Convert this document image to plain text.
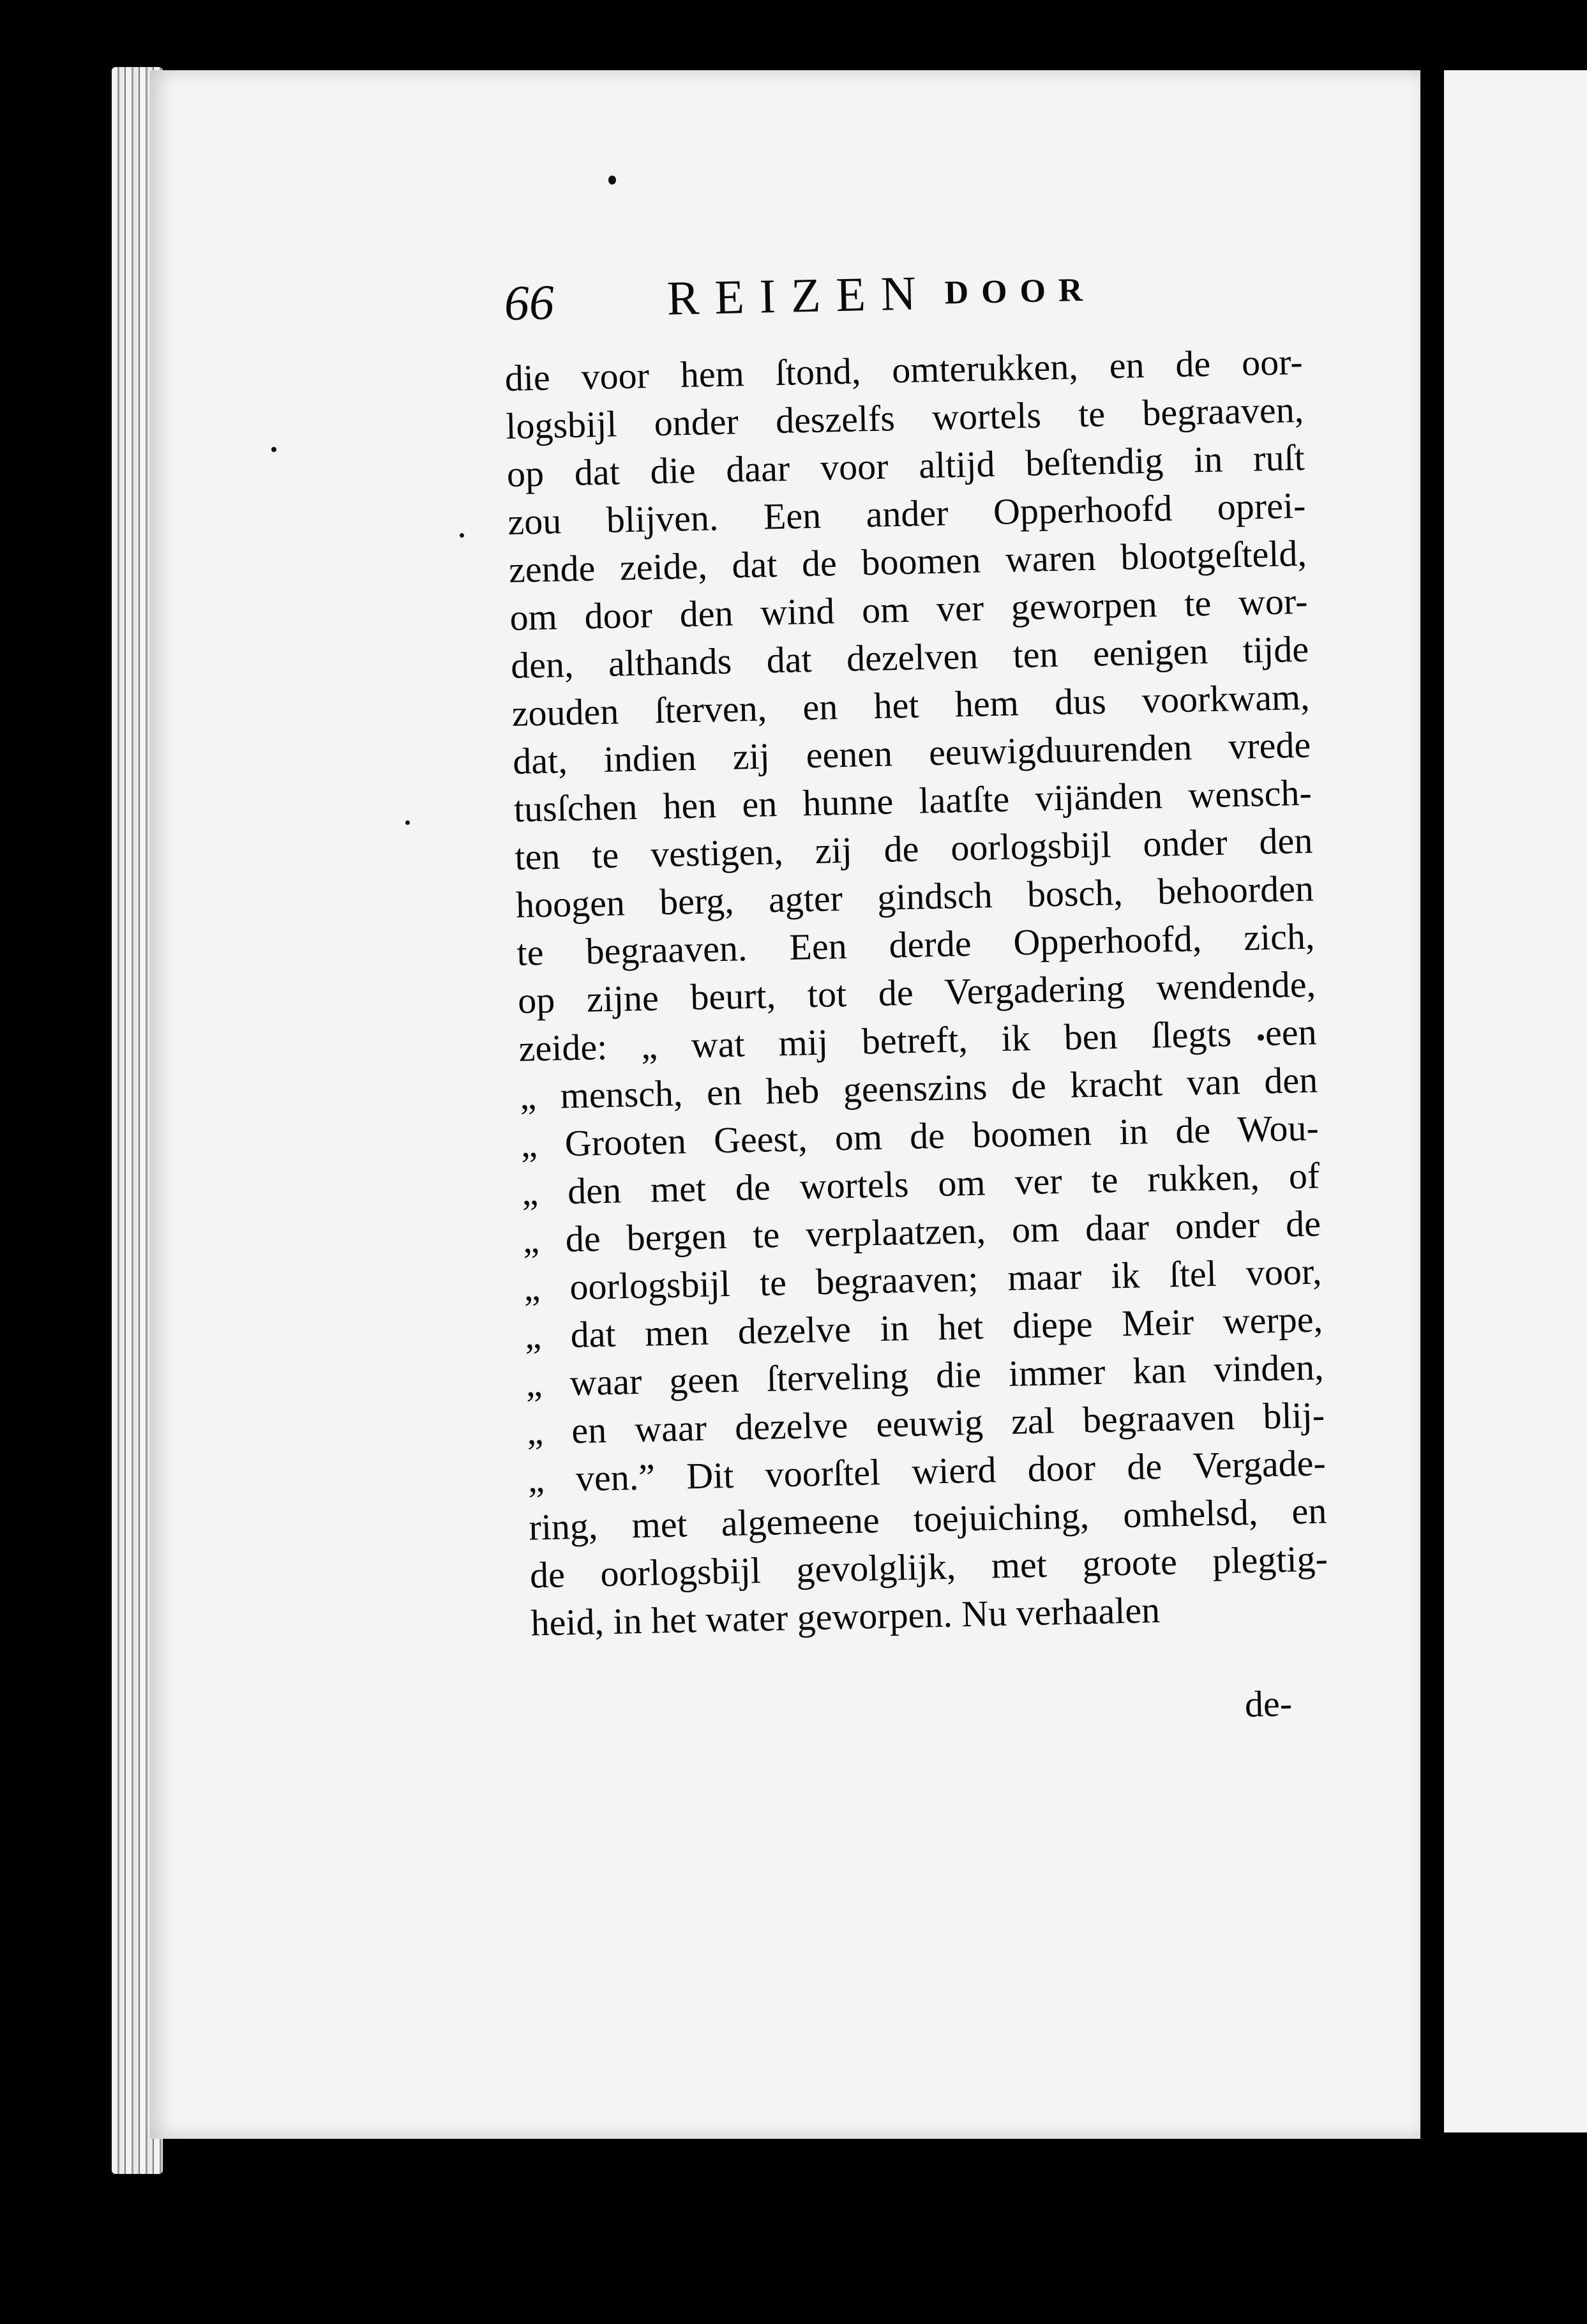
66 REIZEN DOOR
die voor hem ſtond, omterukken, en de oor-
logsbijl onder deszelfs wortels te begraaven,
op dat die daar voor altijd beſtendig in ruſt
zou blijven. Een ander Opperhoofd oprei-
zende zeide, dat de boomen waren blootgeſteld,
om door den wind om ver geworpen te wor-
den, althands dat dezelven ten eenigen tijde
zouden ſterven, en het hem dus voorkwam,
dat, indien zij eenen eeuwigduurenden vrede
tusſchen hen en hunne laatſte vijänden wensch-
ten te vestigen, zij de oorlogsbijl onder den
hoogen berg, agter gindsch bosch, behoorden
te begraaven. Een derde Opperhoofd, zich,
op zijne beurt, tot de Vergadering wendende,
zeide: „ wat mij betreft, ik ben ſlegts een
„ mensch, en heb geenszins de kracht van den
„ Grooten Geest, om de boomen in de Wou-
„ den met de wortels om ver te rukken, of
„ de bergen te verplaatzen, om daar onder de
„ oorlogsbijl te begraaven; maar ik ſtel voor,
„ dat men dezelve in het diepe Meir werpe,
„ waar geen ſterveling die immer kan vinden,
„ en waar dezelve eeuwig zal begraaven blij-
„ ven.” Dit voorſtel wierd door de Vergade-
ring, met algemeene toejuiching, omhelsd, en
de oorlogsbijl gevolglijk, met groote plegtig-
heid, in het water geworpen. Nu verhaalen
de-
